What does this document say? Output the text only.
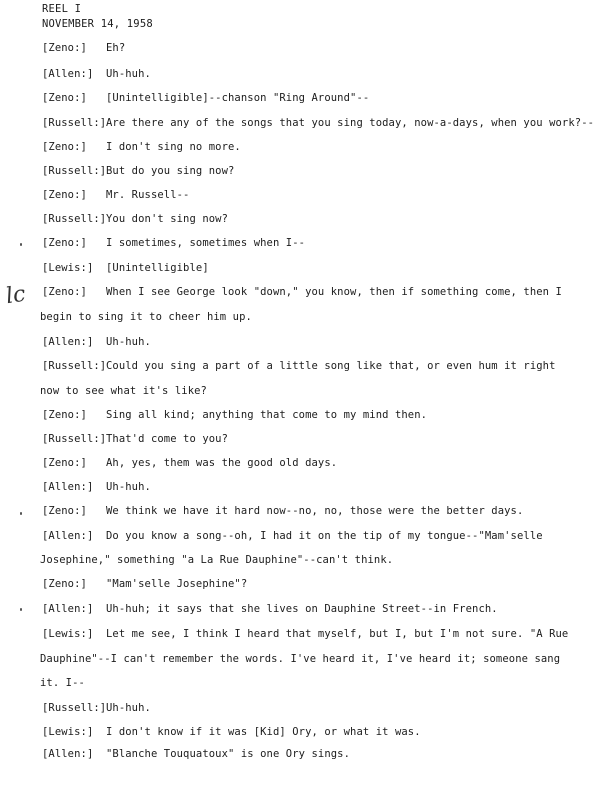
REEL I
NOVEMBER 14, 1958
lc
[Zeno:] Eh?
[Allen:] Uh-huh.
[Zeno:] [Unintelligible]--chanson "Ring Around"--
[Russell:] Are there any of the songs that you sing today, now-a-days, when you work?--
[Zeno:] I don't sing no more.
[Russell:] But do you sing now?
[Zeno:] Mr. Russell--
[Russell:] You don't sing now?
[Zeno:] I sometimes, sometimes when I--
[Lewis:] [Unintelligible]
[Zeno:] When I see George look "down," you know, then if something come, then I
begin to sing it to cheer him up.
[Allen:] Uh-huh.
[Russell:] Could you sing a part of a little song like that, or even hum it right
now to see what it's like?
[Zeno:] Sing all kind; anything that come to my mind then.
[Russell:] That'd come to you?
[Zeno:] Ah, yes, them was the good old days.
[Allen:] Uh-huh.
[Zeno:] We think we have it hard now--no, no, those were the better days.
[Allen:] Do you know a song--oh, I had it on the tip of my tongue--"Mam'selle
Josephine," something "a La Rue Dauphine"--can't think.
[Zeno:] "Mam'selle Josephine"?
[Allen:] Uh-huh; it says that she lives on Dauphine Street--in French.
[Lewis:] Let me see, I think I heard that myself, but I, but I'm not sure. "A Rue
Dauphine"--I can't remember the words. I've heard it, I've heard it; someone sang
it. I--
[Russell:] Uh-huh.
[Lewis:] I don't know if it was [Kid] Ory, or what it was.
[Allen:] "Blanche Touquatoux" is one Ory sings.
